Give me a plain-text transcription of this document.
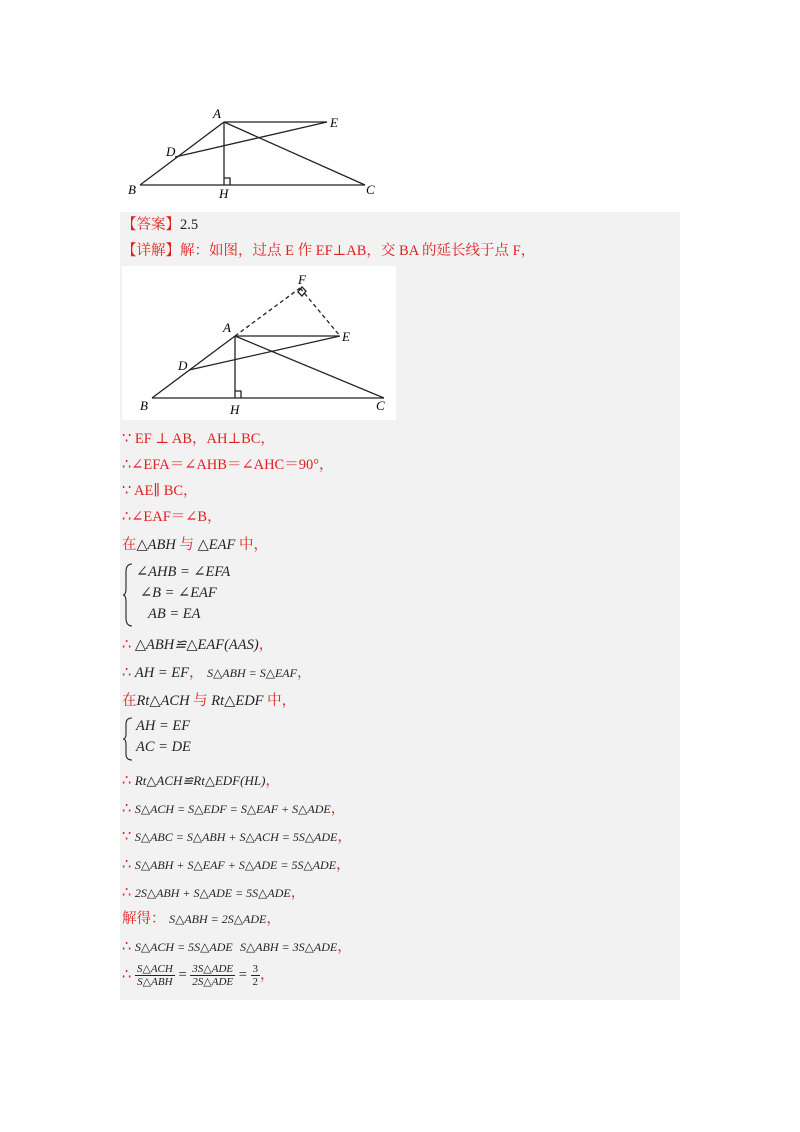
A
B	C
D
E
H
【答案】2.5
【详解】解：如图，过点 E 作 EF⊥AB，交 BA 的延长线于点 F，
A
B	C
D
E
F
H
∵ EF ⊥ AB，AH⊥BC，
∴∠EFA＝∠AHB＝∠AHC＝90°，
∵ AE∥ BC，
∴∠EAF＝∠B，
在△ABH 与 △EAF 中，
∠AHB = ∠EFA
∠B = ∠EAF
AB = EA
∴ △ABH≌△EAF(AAS)，
∴ AH = EF， S△ABH = S△EAF，
在Rt△ACH 与 Rt△EDF 中，
AH = EF
AC = DE
∴ Rt△ACH≌Rt△EDF(HL)，
∴ S△ACH = S△EDF = S△EAF + S△ADE，
∵ S△ABC = S△ABH + S△ACH = 5S△ADE，
∴ S△ABH + S△EAF + S△ADE = 5S△ADE，
∴ 2S△ABH + S△ADE = 5S△ADE，
解得： S△ABH = 2S△ADE，
∴ S△ACH = 5S△ADE S△ABH = 3S△ADE，
∴ $\frac{\text{S△ACH}}{\text{S△ABH}} = \frac{\text{3S△ADE}}{\text{2S△ADE}} = \frac{3}{2}$ ，
